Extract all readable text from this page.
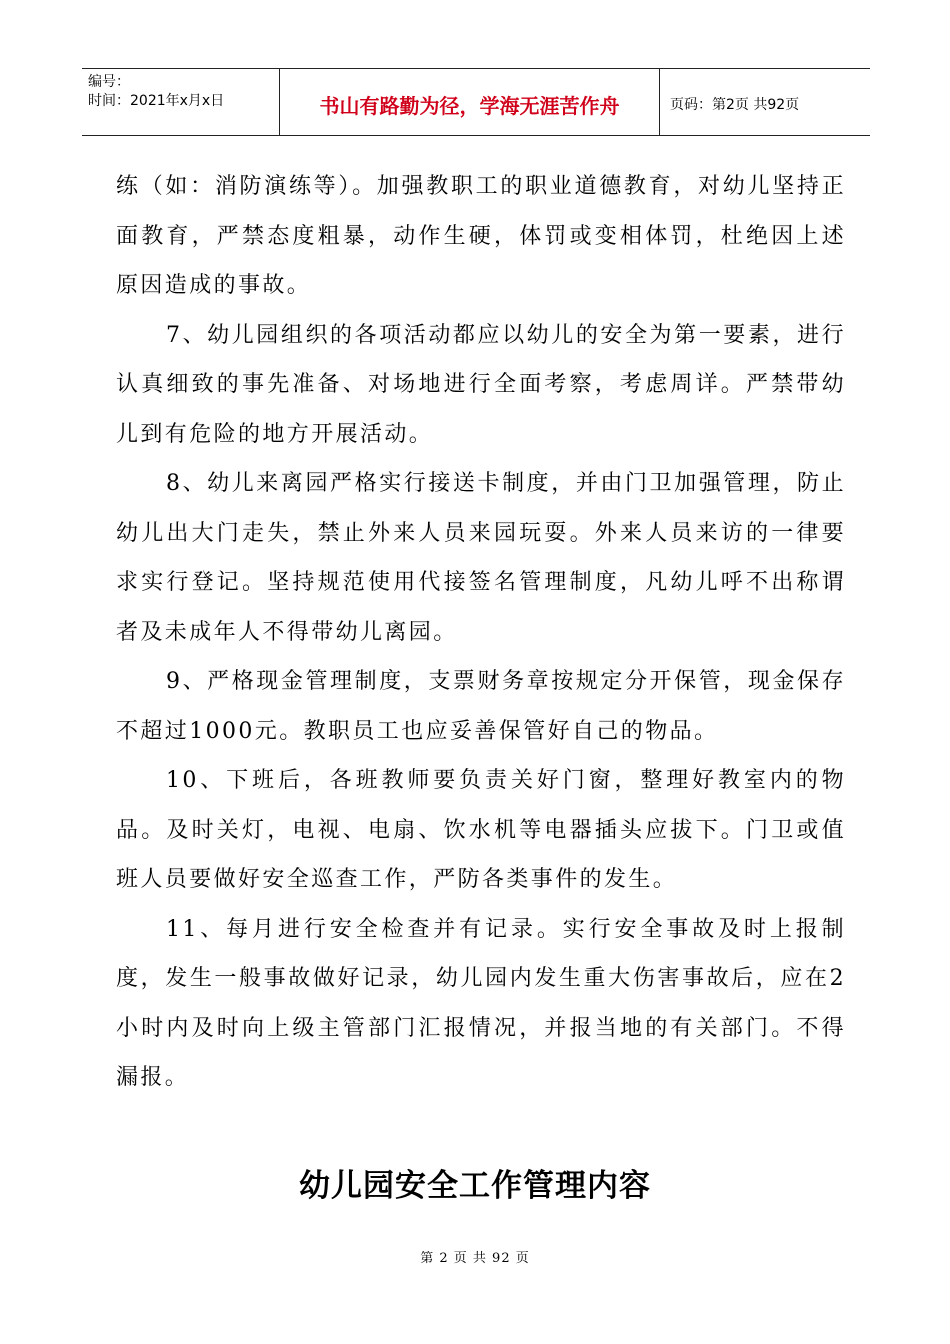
编号：
时间：2021年x月x日	书山有路勤为径，学海无涯苦作舟	页码：第2页 共92页

练（如：消防演练等）。加强教职工的职业道德教育，对幼儿坚持正面教育，严禁态度粗暴，动作生硬，体罚或变相体罚，杜绝因上述原因造成的事故。

7、幼儿园组织的各项活动都应以幼儿的安全为第一要素，进行认真细致的事先准备、对场地进行全面考察，考虑周详。严禁带幼儿到有危险的地方开展活动。

8、幼儿来离园严格实行接送卡制度，并由门卫加强管理，防止幼儿出大门走失，禁止外来人员来园玩耍。外来人员来访的一律要求实行登记。坚持规范使用代接签名管理制度，凡幼儿呼不出称谓者及未成年人不得带幼儿离园。

9、严格现金管理制度，支票财务章按规定分开保管，现金保存不超过1000元。教职员工也应妥善保管好自己的物品。

10、下班后，各班教师要负责关好门窗，整理好教室内的物品。及时关灯，电视、电扇、饮水机等电器插头应拔下。门卫或值班人员要做好安全巡查工作，严防各类事件的发生。

11、每月进行安全检查并有记录。实行安全事故及时上报制度，发生一般事故做好记录，幼儿园内发生重大伤害事故后，应在2小时内及时向上级主管部门汇报情况，并报当地的有关部门。不得漏报。

幼儿园安全工作管理内容
第 2 页 共 92 页
